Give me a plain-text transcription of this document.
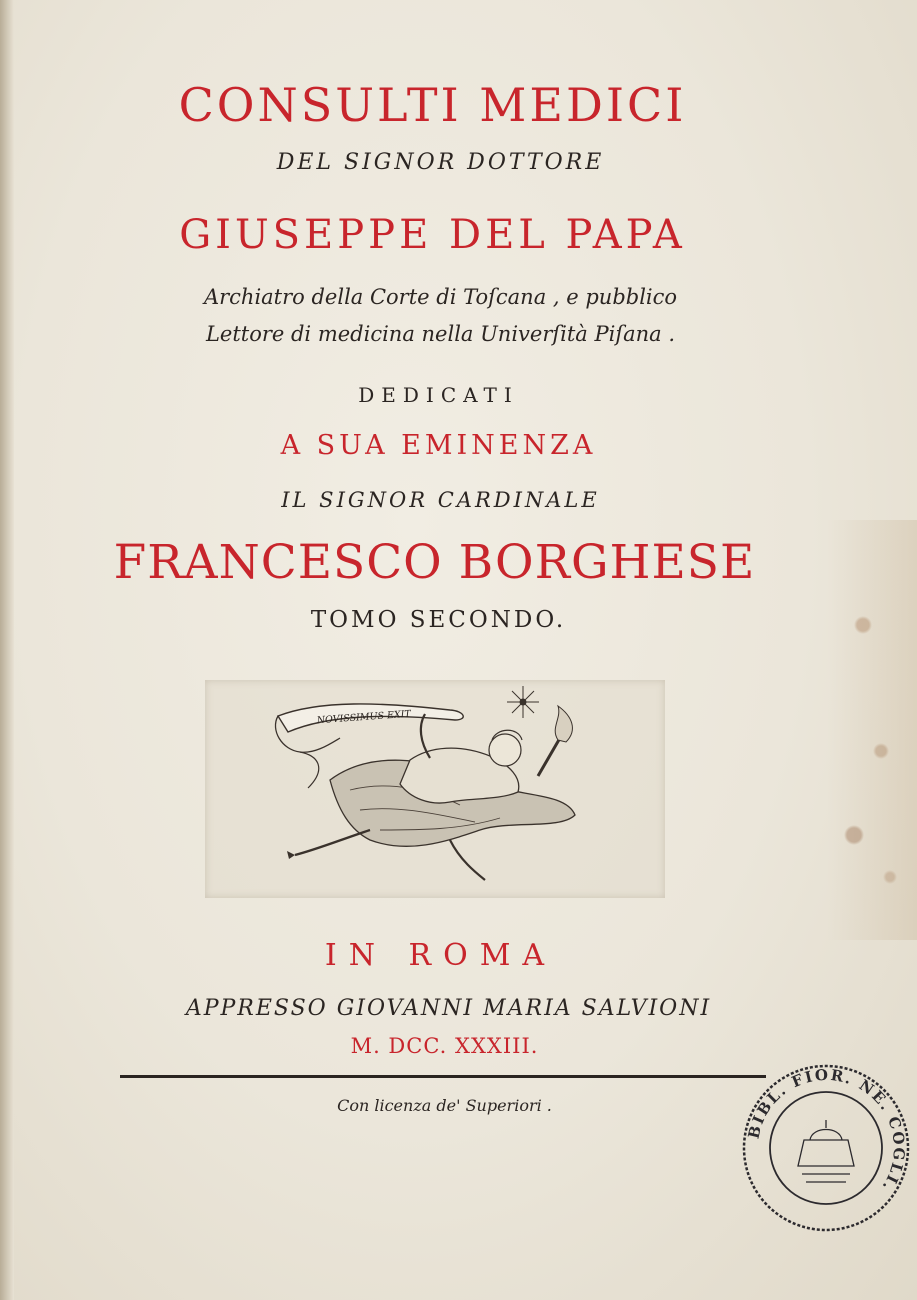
CONSULTI MEDICI
DEL SIGNOR DOTTORE
GIUSEPPE DEL PAPA
Archiatro della Corte di Toſcana , e pubblico
Lettore di medicina nella Univerſità Piſana .
DEDICATI
A SUA EMINENZA
IL SIGNOR CARDINALE
FRANCESCO BORGHESE
TOMO SECONDO.
NOVISSIMUS EXIT
IN ROMA
APPRESSO GIOVANNI MARIA SALVIONI
M. DCC. XXXIII.
Con licenza de' Superiori .
BIBL. FIOR. NE. COGLI.
